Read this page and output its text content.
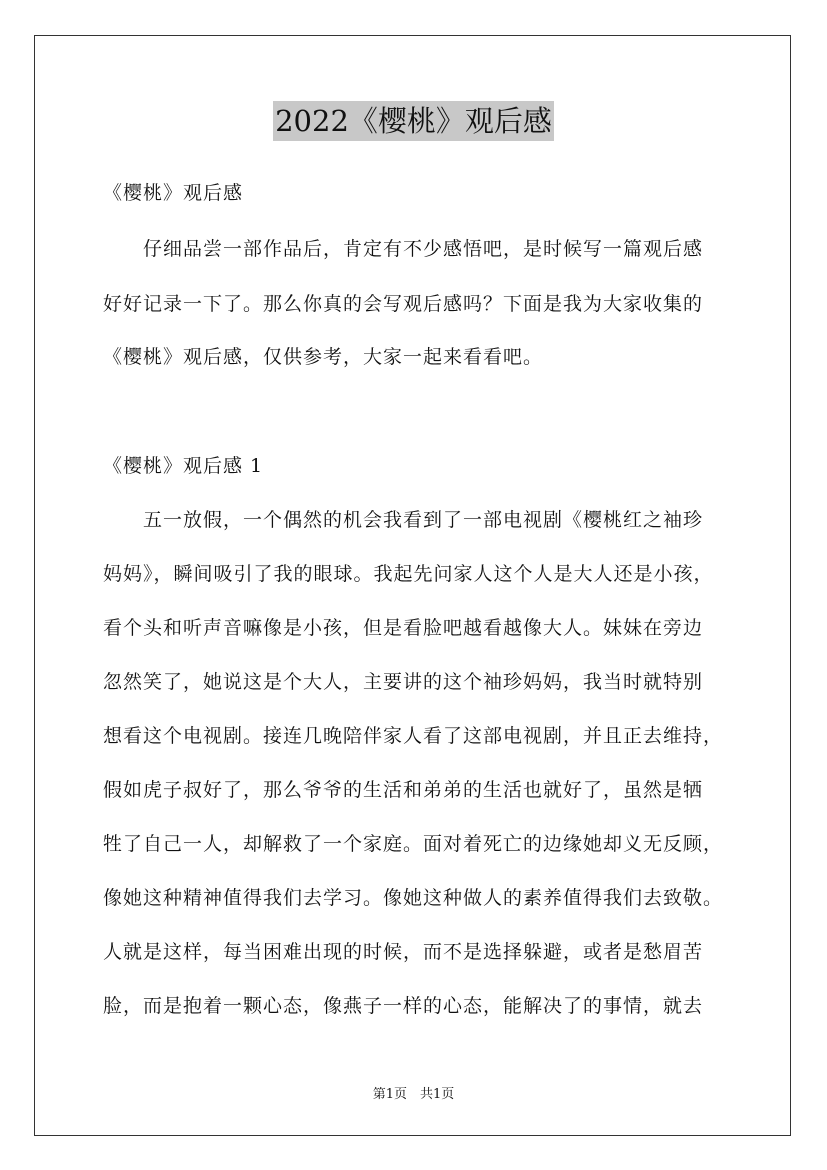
2022《樱桃》观后感
《樱桃》观后感
仔细品尝一部作品后，肯定有不少感悟吧，是时候写一篇观后感
好好记录一下了。那么你真的会写观后感吗？下面是我为大家收集的
《樱桃》观后感，仅供参考，大家一起来看看吧。
《樱桃》观后感 1
五一放假，一个偶然的机会我看到了一部电视剧《樱桃红之袖珍
妈妈》，瞬间吸引了我的眼球。我起先问家人这个人是大人还是小孩，
看个头和听声音嘛像是小孩，但是看脸吧越看越像大人。妹妹在旁边
忽然笑了，她说这是个大人，主要讲的这个袖珍妈妈，我当时就特别
想看这个电视剧。接连几晚陪伴家人看了这部电视剧，并且正去维持，
假如虎子叔好了，那么爷爷的生活和弟弟的生活也就好了，虽然是牺
牲了自己一人，却解救了一个家庭。面对着死亡的边缘她却义无反顾，
像她这种精神值得我们去学习。像她这种做人的素养值得我们去致敬。
人就是这样，每当困难出现的时候，而不是选择躲避，或者是愁眉苦
脸，而是抱着一颗心态，像燕子一样的心态，能解决了的事情，就去
第1页　共1页
